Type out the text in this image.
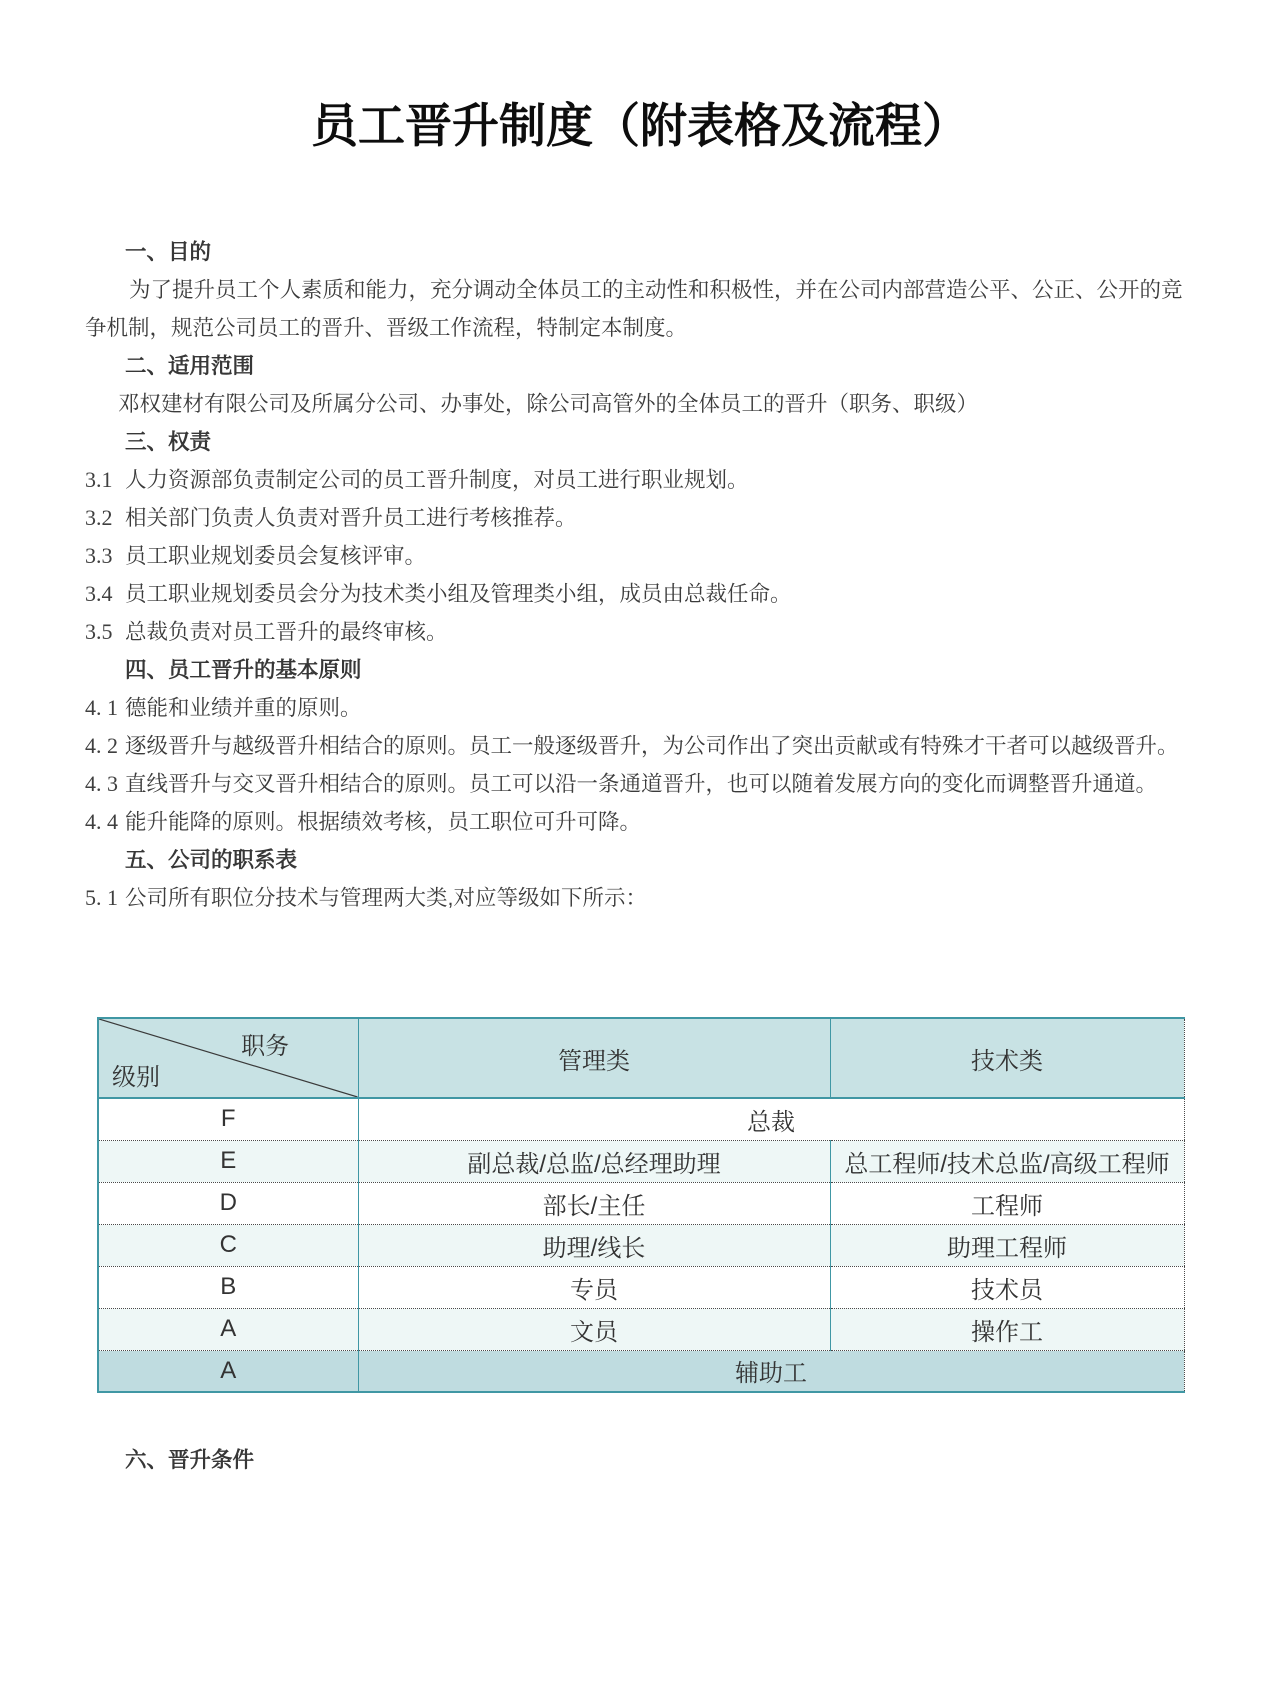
员工晋升制度（附表格及流程）
一、目的

为了提升员工个人素质和能力，充分调动全体员工的主动性和积极性，并在公司内部营造公平、公正、公开的竞争机制，规范公司员工的晋升、晋级工作流程，特制定本制度。

二、适用范围

邓权建材有限公司及所属分公司、办事处，除公司高管外的全体员工的晋升（职务、职级）

三、权责

3.1 人力资源部负责制定公司的员工晋升制度，对员工进行职业规划。

3.2 相关部门负责人负责对晋升员工进行考核推荐。

3.3 员工职业规划委员会复核评审。

3.4 员工职业规划委员会分为技术类小组及管理类小组，成员由总裁任命。

3.5 总裁负责对员工晋升的最终审核。

四、员工晋升的基本原则

4. 1 德能和业绩并重的原则。

4. 2 逐级晋升与越级晋升相结合的原则。员工一般逐级晋升，为公司作出了突出贡献或有特殊才干者可以越级晋升。

4. 3 直线晋升与交叉晋升相结合的原则。员工可以沿一条通道晋升，也可以随着发展方向的变化而调整晋升通道。

4. 4 能升能降的原则。根据绩效考核，员工职位可升可降。

五、公司的职系表

5. 1 公司所有职位分技术与管理两大类,对应等级如下所示：

职务
级别	管理类	技术类
F	总裁	
E	副总裁/总监/总经理助理	总工程师/技术总监/高级工程师
D	部长/主任	工程师
C	助理/线长	助理工程师
B	专员	技术员
A	文员	操作工
A	辅助工	
六、晋升条件
